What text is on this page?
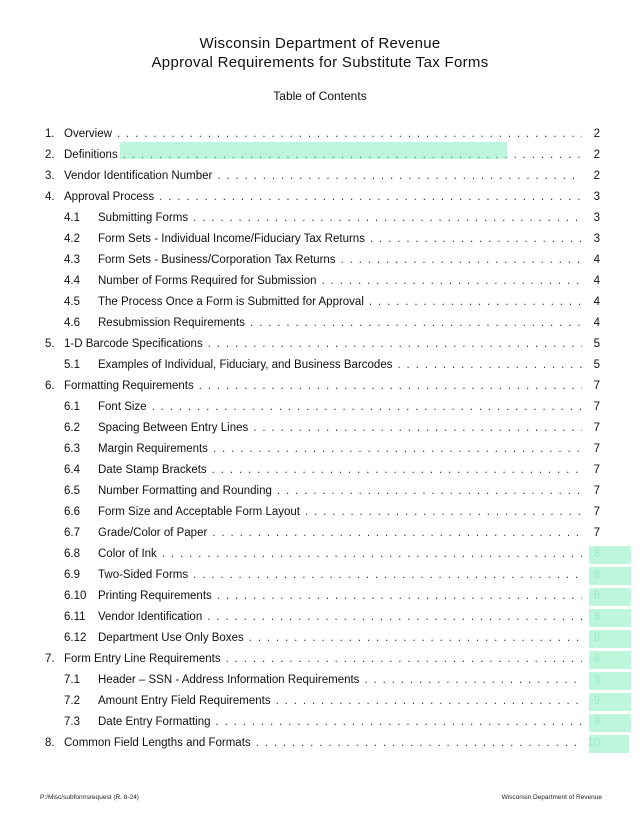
Wisconsin Department of Revenue
Approval Requirements for Substitute Tax Forms
Table of Contents
1. Overview . . .	2
2. Definitions . . .	2
3. Vendor Identification Number . . .	2
4. Approval Process . . .	3
4.1 Submitting Forms . . .	3
4.2 Form Sets - Individual Income/Fiduciary Tax Returns . . .	3
4.3 Form Sets - Business/Corporation Tax Returns . . .	4
4.4 Number of Forms Required for Submission . . .	4
4.5 The Process Once a Form is Submitted for Approval . . .	4
4.6 Resubmission Requirements . . .	4
5. 1-D Barcode Specifications . . .	5
5.1 Examples of Individual, Fiduciary, and Business Barcodes . . .	5
6. Formatting Requirements . . .	7
6.1 Font Size . . .	7
6.2 Spacing Between Entry Lines . . .	7
6.3 Margin Requirements . . .	7
6.4 Date Stamp Brackets . . .	7
6.5 Number Formatting and Rounding . . .	7
6.6 Form Size and Acceptable Form Layout . . .	7
6.7 Grade/Color of Paper . . .	7
6.8 Color of Ink . . .	8
6.9 Two-Sided Forms . . .	8
6.10 Printing Requirements . . .	8
6.11 Vendor Identification . . .	8
6.12 Department Use Only Boxes . . .	8
7. Form Entry Line Requirements . . .	8
7.1 Header – SSN - Address Information Requirements . . .	8
7.2 Amount Entry Field Requirements . . .	9
7.3 Date Entry Formatting . . .	9
8. Common Field Lengths and Formats . . .	10
P:/Misc/subformsrequest (R. 8-24)	Wisconsin Department of Revenue
